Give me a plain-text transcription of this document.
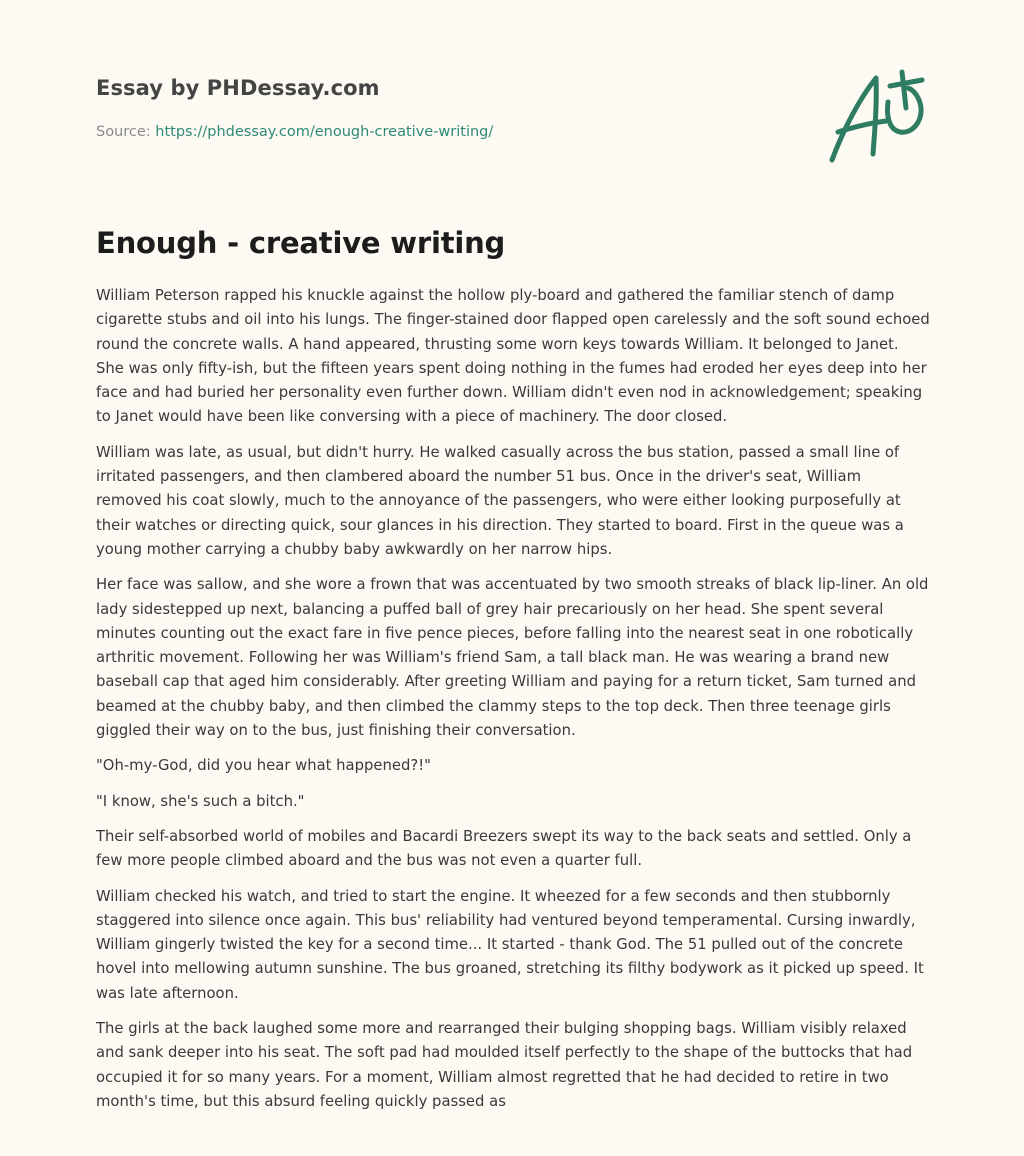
Essay by PHDessay.com

Source: https://phdessay.com/enough-creative-writing/

Enough - creative writing

William Peterson rapped his knuckle against the hollow ply-board and gathered the familiar stench of damp cigarette stubs and oil into his lungs. The finger-stained door flapped open carelessly and the soft sound echoed round the concrete walls. A hand appeared, thrusting some worn keys towards William. It belonged to Janet. She was only fifty-ish, but the fifteen years spent doing nothing in the fumes had eroded her eyes deep into her face and had buried her personality even further down. William didn't even nod in acknowledgement; speaking to Janet would have been like conversing with a piece of machinery. The door closed.

William was late, as usual, but didn't hurry. He walked casually across the bus station, passed a small line of irritated passengers, and then clambered aboard the number 51 bus. Once in the driver's seat, William removed his coat slowly, much to the annoyance of the passengers, who were either looking purposefully at their watches or directing quick, sour glances in his direction. They started to board. First in the queue was a young mother carrying a chubby baby awkwardly on her narrow hips.

Her face was sallow, and she wore a frown that was accentuated by two smooth streaks of black lip-liner. An old lady sidestepped up next, balancing a puffed ball of grey hair precariously on her head. She spent several minutes counting out the exact fare in five pence pieces, before falling into the nearest seat in one robotically arthritic movement. Following her was William's friend Sam, a tall black man. He was wearing a brand new baseball cap that aged him considerably. After greeting William and paying for a return ticket, Sam turned and beamed at the chubby baby, and then climbed the clammy steps to the top deck. Then three teenage girls giggled their way on to the bus, just finishing their conversation.

"Oh-my-God, did you hear what happened?!"

"I know, she's such a bitch."

Their self-absorbed world of mobiles and Bacardi Breezers swept its way to the back seats and settled. Only a few more people climbed aboard and the bus was not even a quarter full.

William checked his watch, and tried to start the engine. It wheezed for a few seconds and then stubbornly staggered into silence once again. This bus' reliability had ventured beyond temperamental. Cursing inwardly, William gingerly twisted the key for a second time... It started - thank God. The 51 pulled out of the concrete hovel into mellowing autumn sunshine. The bus groaned, stretching its filthy bodywork as it picked up speed. It was late afternoon.

The girls at the back laughed some more and rearranged their bulging shopping bags. William visibly relaxed and sank deeper into his seat. The soft pad had moulded itself perfectly to the shape of the buttocks that had occupied it for so many years. For a moment, William almost regretted that he had decided to retire in two month's time, but this absurd feeling quickly passed as
